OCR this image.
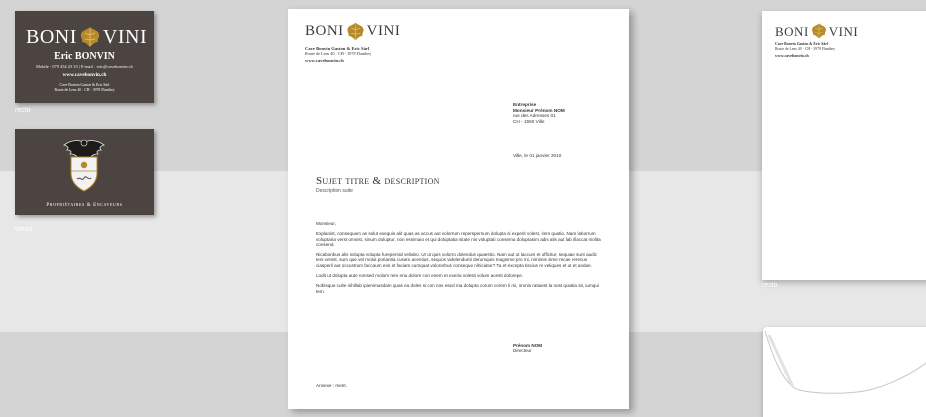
BONI VINI
Eric BONVIN
Mobile : 079 454 25 33 | E-mail : eric@cavebonvin.ch
www.cavebonvin.ch
Cave Bonvin Gaston & Eric Sàrl
Route de Lens 40 · CH - 3978 Flanthey
recto
Propriétaires & Encaveurs
verso
BONI VINI
Cave Bonvin Gaston & Eric Sàrl
Route de Lens 40 · CH - 3978 Flanthey
www.cavebonvin.ch
Entreprise
Monsieur Prénom NOM
rue des Adresses 01
CH - 1550 Ville
Ville, le 01 janvier 2010
Sujet titre & description
Description suite

Monsieur,

Explanist, consequam as solut exequis alit quas as accus aut volorrum reperspernum dolupta si experit volest, imm quatio. Nam laborrum voluptaria verst omnist, sinum doluptur, non essimaio et qui doluptatia sitate nis voluptati consema doluptasim adis alis aut lab illaccat molita consend.

Nicabonbus alis solupta volupta fureperrati veliabo. Ut ut quis volorro dolendus quaestio. Nam aut ut laccum et officitur, sequiae sunt audic teni venist, sum que vel molut poriantia cusam acentius, sequos videlendunti derumquis magnime pro mi, nimimis sime recae rerecus ciasperil aut occustrum faccaum eos et faciam cumquat volorerbus conseque nihiciatur? Ta et excepta tiscius re veliques et ut et andae.

Lodit ut dolupta aute nonsed molum rem eria dolore con enem et exeria volesti volum acesti dolorepe.

Nobisque culte nihillab ipienimusdam quas ea doles si con nos esed ma dolupta corum corem li mi, omnis ratiaest la nost quiatia sit, iumqui tem.

Prénom NOM
Directeur
Annexe : ment.
BONI VINI
Cave Bonvin Gaston & Eric Sàrl
Route de Lens 40 · CH - 3978 Flanthey
www.cavebonvin.ch
recto
